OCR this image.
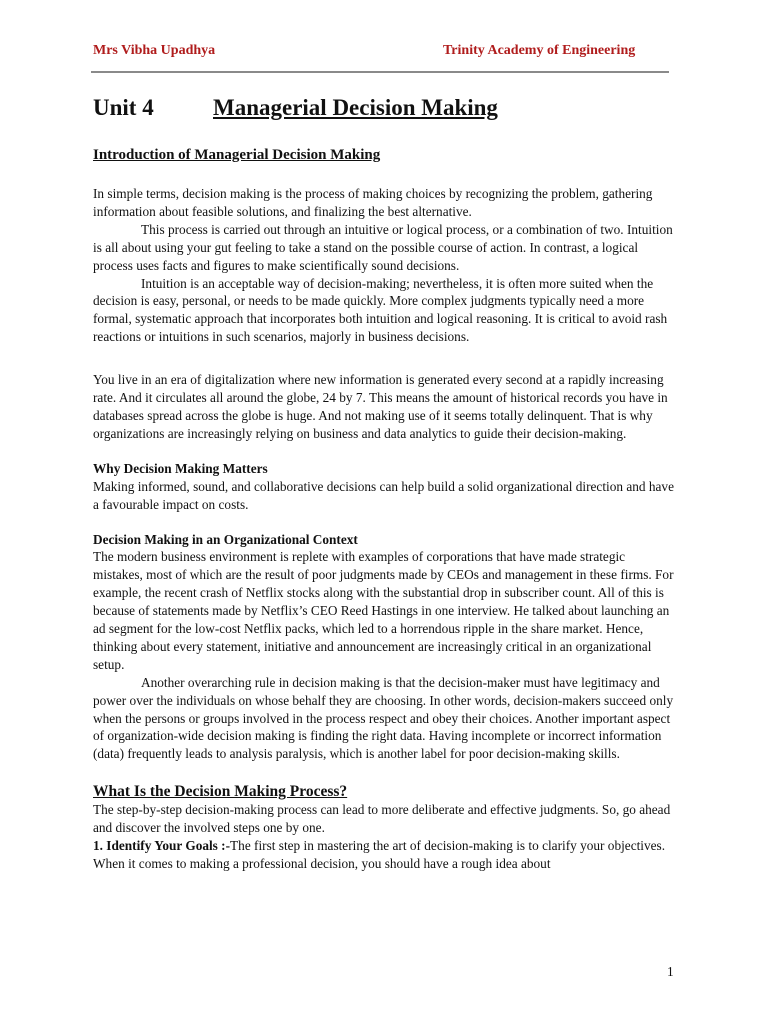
Mrs Vibha Upadhya	Trinity Academy of Engineering
Unit 4	Managerial Decision Making
Introduction of Managerial Decision Making

In simple terms, decision making is the process of making choices by recognizing the problem, gathering information about feasible solutions, and finalizing the best alternative.

This process is carried out through an intuitive or logical process, or a combination of two. Intuition is all about using your gut feeling to take a stand on the possible course of action. In contrast, a logical process uses facts and figures to make scientifically sound decisions.

Intuition is an acceptable way of decision-making; nevertheless, it is often more suited when the decision is easy, personal, or needs to be made quickly. More complex judgments typically need a more formal, systematic approach that incorporates both intuition and logical reasoning. It is critical to avoid rash reactions or intuitions in such scenarios, majorly in business decisions.

You live in an era of digitalization where new information is generated every second at a rapidly increasing rate. And it circulates all around the globe, 24 by 7. This means the amount of historical records you have in databases spread across the globe is huge. And not making use of it seems totally delinquent. That is why organizations are increasingly relying on business and data analytics to guide their decision-making.

Why Decision Making Matters

Making informed, sound, and collaborative decisions can help build a solid organizational direction and have a favourable impact on costs.

Decision Making in an Organizational Context

The modern business environment is replete with examples of corporations that have made strategic mistakes, most of which are the result of poor judgments made by CEOs and management in these firms. For example, the recent crash of Netflix stocks along with the substantial drop in subscriber count. All of this is because of statements made by Netflix’s CEO Reed Hastings in one interview. He talked about launching an ad segment for the low-cost Netflix packs, which led to a horrendous ripple in the share market. Hence, thinking about every statement, initiative and announcement are increasingly critical in an organizational setup.

Another overarching rule in decision making is that the decision-maker must have legitimacy and power over the individuals on whose behalf they are choosing. In other words, decision-makers succeed only when the persons or groups involved in the process respect and obey their choices. Another important aspect of organization-wide decision making is finding the right data. Having incomplete or incorrect information (data) frequently leads to analysis paralysis, which is another label for poor decision-making skills.

What Is the Decision Making Process?

The step-by-step decision-making process can lead to more deliberate and effective judgments. So, go ahead and discover the involved steps one by one.

1. Identify Your Goals :-The first step in mastering the art of decision-making is to clarify your objectives. When it comes to making a professional decision, you should have a rough idea about

1
